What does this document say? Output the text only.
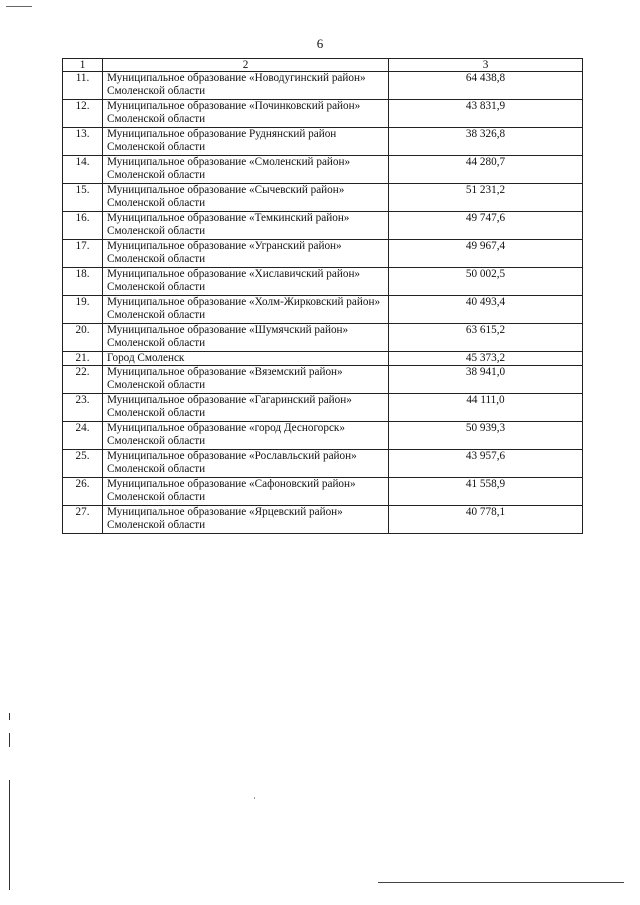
6
1	2	3
11.	Муниципальное образование «Новодугинский район» Смоленской области	64 438,8
12.	Муниципальное образование «Починковский район» Смоленской области	43 831,9
13.	Муниципальное образование Руднянский район Смоленской области	38 326,8
14.	Муниципальное образование «Смоленский район» Смоленской области	44 280,7
15.	Муниципальное образование «Сычевский район» Смоленской области	51 231,2
16.	Муниципальное образование «Темкинский район» Смоленской области	49 747,6
17.	Муниципальное образование «Угранский район» Смоленской области	49 967,4
18.	Муниципальное образование «Хиславичский район» Смоленской области	50 002,5
19.	Муниципальное образование «Холм-Жирковский район» Смоленской области	40 493,4
20.	Муниципальное образование «Шумячский район» Смоленской области	63 615,2
21.	Город Смоленск	45 373,2
22.	Муниципальное образование «Вяземский район» Смоленской области	38 941,0
23.	Муниципальное образование «Гагаринский район» Смоленской области	44 111,0
24.	Муниципальное образование «город Десногорск» Смоленской области	50 939,3
25.	Муниципальное образование «Рославльский район» Смоленской области	43 957,6
26.	Муниципальное образование «Сафоновский район» Смоленской области	41 558,9
27.	Муниципальное образование «Ярцевский район» Смоленской области	40 778,1
